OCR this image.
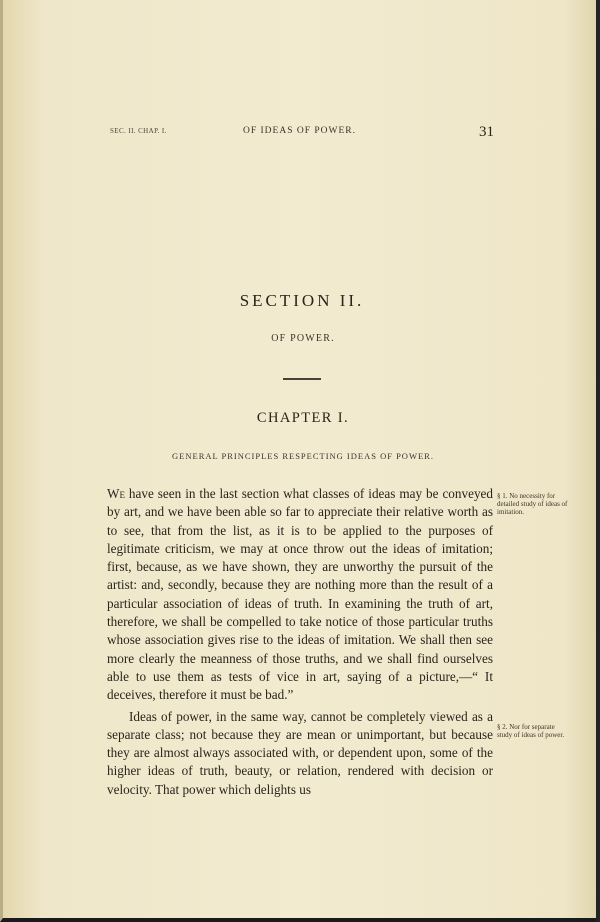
SEC. II. CHAP. I.	OF IDEAS OF POWER.	31
SECTION II.
OF POWER.
CHAPTER I.
GENERAL PRINCIPLES RESPECTING IDEAS OF POWER.

We have seen in the last section what classes of ideas may be conveyed by art, and we have been able so far to appreciate their relative worth as to see, that from the list, as it is to be applied to the purposes of legitimate criticism, we may at once throw out the ideas of imitation; first, because, as we have shown, they are unworthy the pursuit of the artist: and, secondly, because they are nothing more than the result of a particular association of ideas of truth. In examining the truth of art, therefore, we shall be compelled to take notice of those particular truths whose association gives rise to the ideas of imitation. We shall then see more clearly the meanness of those truths, and we shall find ourselves able to use them as tests of vice in art, saying of a picture,—“ It deceives, therefore it must be bad.”

Ideas of power, in the same way, cannot be completely viewed as a separate class; not because they are mean or unimportant, but because they are almost always associated with, or dependent upon, some of the higher ideas of truth, beauty, or relation, rendered with decision or velocity. That power which delights us

§ 1. No necessity for detailed study of ideas of imitation.
§ 2. Nor for separate study of ideas of power.
